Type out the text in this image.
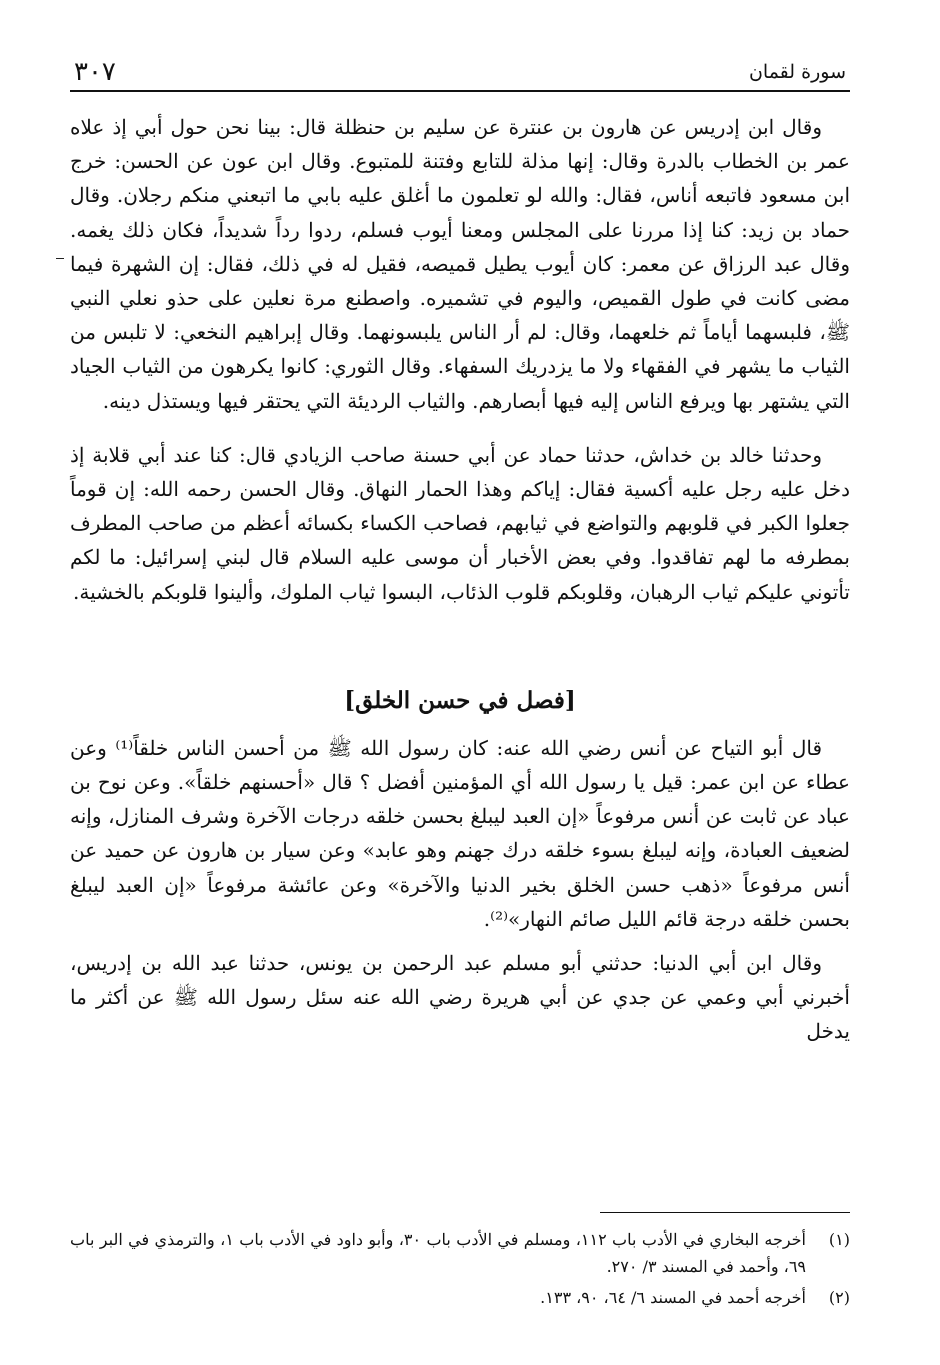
سورة لقمان
٣٠٧

وقال ابن إدريس عن هارون بن عنترة عن سليم بن حنظلة قال: بينا نحن حول أبي إذ علاه عمر بن الخطاب بالدرة وقال: إنها مذلة للتابع وفتنة للمتبوع. وقال ابن عون عن الحسن: خرج ابن مسعود فاتبعه أناس، فقال: والله لو تعلمون ما أغلق عليه بابي ما اتبعني منكم رجلان. وقال حماد بن زيد: كنا إذا مررنا على المجلس ومعنا أيوب فسلم، ردوا رداً شديداً، فكان ذلك يغمه. وقال عبد الرزاق عن معمر: كان أيوب يطيل قميصه، فقيل له في ذلك، فقال: إن الشهرة فيما مضى كانت في طول القميص، واليوم في تشميره. واصطنع مرة نعلين على حذو نعلي النبي ﷺ، فلبسهما أياماً ثم خلعهما، وقال: لم أر الناس يلبسونهما. وقال إبراهيم النخعي: لا تلبس من الثياب ما يشهر في الفقهاء ولا ما يزدريك السفهاء. وقال الثوري: كانوا يكرهون من الثياب الجياد التي يشتهر بها ويرفع الناس إليه فيها أبصارهم. والثياب الرديئة التي يحتقر فيها ويستذل دينه.

وحدثنا خالد بن خداش، حدثنا حماد عن أبي حسنة صاحب الزيادي قال: كنا عند أبي قلابة إذ دخل عليه رجل عليه أكسية فقال: إياكم وهذا الحمار النهاق. وقال الحسن رحمه الله: إن قوماً جعلوا الكبر في قلوبهم والتواضع في ثيابهم، فصاحب الكساء بكسائه أعظم من صاحب المطرف بمطرفه ما لهم تفاقدوا. وفي بعض الأخبار أن موسى عليه السلام قال لبني إسرائيل: ما لكم تأتوني عليكم ثياب الرهبان، وقلوبكم قلوب الذئاب، البسوا ثياب الملوك، وألينوا قلوبكم بالخشية.

[فصل في حسن الخلق]

قال أبو التياح عن أنس رضي الله عنه: كان رسول الله ﷺ من أحسن الناس خلقاً⁽¹⁾ وعن عطاء عن ابن عمر: قيل يا رسول الله أي المؤمنين أفضل ؟ قال «أحسنهم خلقاً». وعن نوح بن عباد عن ثابت عن أنس مرفوعاً «إن العبد ليبلغ بحسن خلقه درجات الآخرة وشرف المنازل، وإنه لضعيف العبادة، وإنه ليبلغ بسوء خلقه درك جهنم وهو عابد» وعن سيار بن هارون عن حميد عن أنس مرفوعاً «ذهب حسن الخلق بخير الدنيا والآخرة» وعن عائشة مرفوعاً «إن العبد ليبلغ بحسن خلقه درجة قائم الليل صائم النهار»⁽²⁾.

وقال ابن أبي الدنيا: حدثني أبو مسلم عبد الرحمن بن يونس، حدثنا عبد الله بن إدريس، أخبرني أبي وعمي عن جدي عن أبي هريرة رضي الله عنه سئل رسول الله ﷺ عن أكثر ما يدخل

(١)
أخرجه البخاري في الأدب باب ١١٢، ومسلم في الأدب باب ٣٠، وأبو داود في الأدب باب ١، والترمذي في البر باب ٦٩، وأحمد في المسند ٣/ ٢٧٠.
(٢)
أخرجه أحمد في المسند ٦/ ٦٤، ٩٠، ١٣٣.
